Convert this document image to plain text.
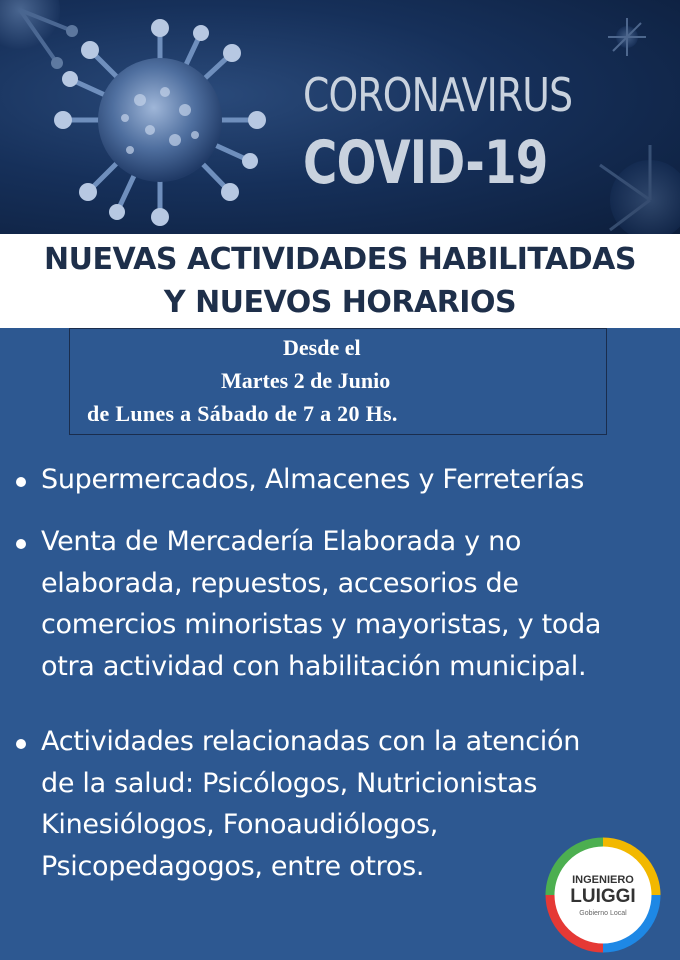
CORONAVIRUS
COVID-19
NUEVAS ACTIVIDADES HABILITADAS
Y NUEVOS HORARIOS
Desde el
Martes 2 de Junio
de Lunes a Sábado de 7 a 20 Hs.
Supermercados, Almacenes y Ferreterías
Venta de Mercadería Elaborada y no
elaborada, repuestos, accesorios de
comercios minoristas y mayoristas, y toda
otra actividad con habilitación municipal.
Actividades relacionadas con la atención
de la salud: Psicólogos, Nutricionistas
Kinesiólogos, Fonoaudiólogos,
Psicopedagogos, entre otros.	INGENIERO
LUIGGI
Gobierno Local
